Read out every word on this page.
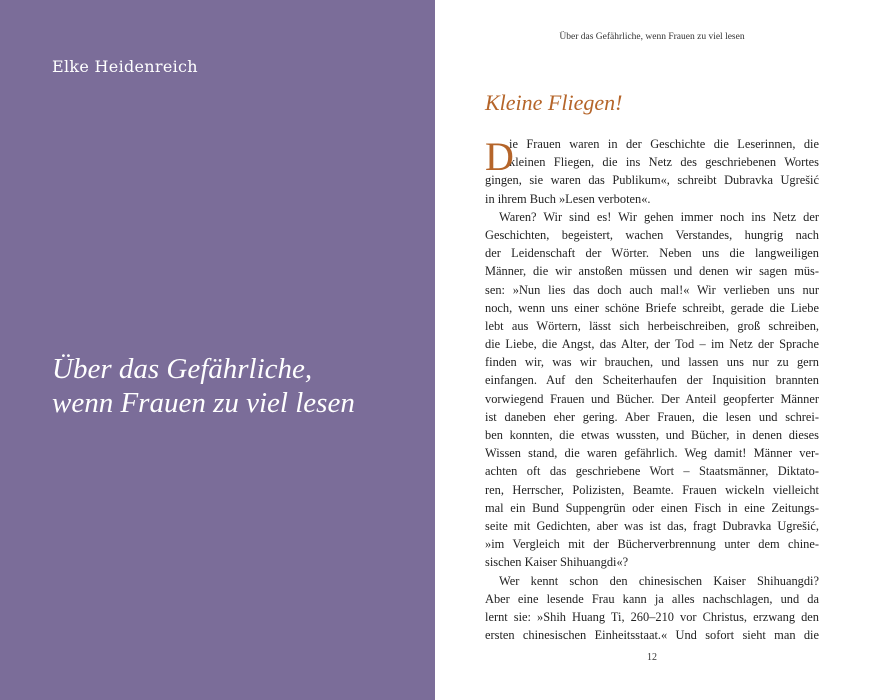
Elke Heidenreich
Über das Gefährliche,
wenn Frauen zu viel lesen
Über das Gefährliche, wenn Frauen zu viel lesen
Kleine Fliegen!
D
ie Frauen waren in der Geschichte die Leserinnen, die
kleinen Fliegen, die ins Netz des geschriebenen Wortes
gingen, sie waren das Publikum«, schreibt Dubravka Ugrešić
in ihrem Buch »Lesen verboten«.
Waren? Wir sind es! Wir gehen immer noch ins Netz der
Geschichten, begeistert, wachen Verstandes, hungrig nach
der Leidenschaft der Wörter. Neben uns die langweiligen
Männer, die wir anstoßen müssen und denen wir sagen müs-
sen: »Nun lies das doch auch mal!« Wir verlieben uns nur
noch, wenn uns einer schöne Briefe schreibt, gerade die Liebe
lebt aus Wörtern, lässt sich herbeischreiben, groß schreiben,
die Liebe, die Angst, das Alter, der Tod – im Netz der Sprache
finden wir, was wir brauchen, und lassen uns nur zu gern
einfangen. Auf den Scheiterhaufen der Inquisition brannten
vorwiegend Frauen und Bücher. Der Anteil geopferter Männer
ist daneben eher gering. Aber Frauen, die lesen und schrei-
ben konnten, die etwas wussten, und Bücher, in denen dieses
Wissen stand, die waren gefährlich. Weg damit! Männer ver-
achten oft das geschriebene Wort – Staatsmänner, Diktato-
ren, Herrscher, Polizisten, Beamte. Frauen wickeln vielleicht
mal ein Bund Suppengrün oder einen Fisch in eine Zeitungs-
seite mit Gedichten, aber was ist das, fragt Dubravka Ugrešić,
»im Vergleich mit der Bücherverbrennung unter dem chine-
sischen Kaiser Shihuangdi«?
Wer kennt schon den chinesischen Kaiser Shihuangdi?
Aber eine lesende Frau kann ja alles nachschlagen, und da
lernt sie: »Shih Huang Ti, 260–210 vor Christus, erzwang den
ersten chinesischen Einheitsstaat.« Und sofort sieht man die
12
